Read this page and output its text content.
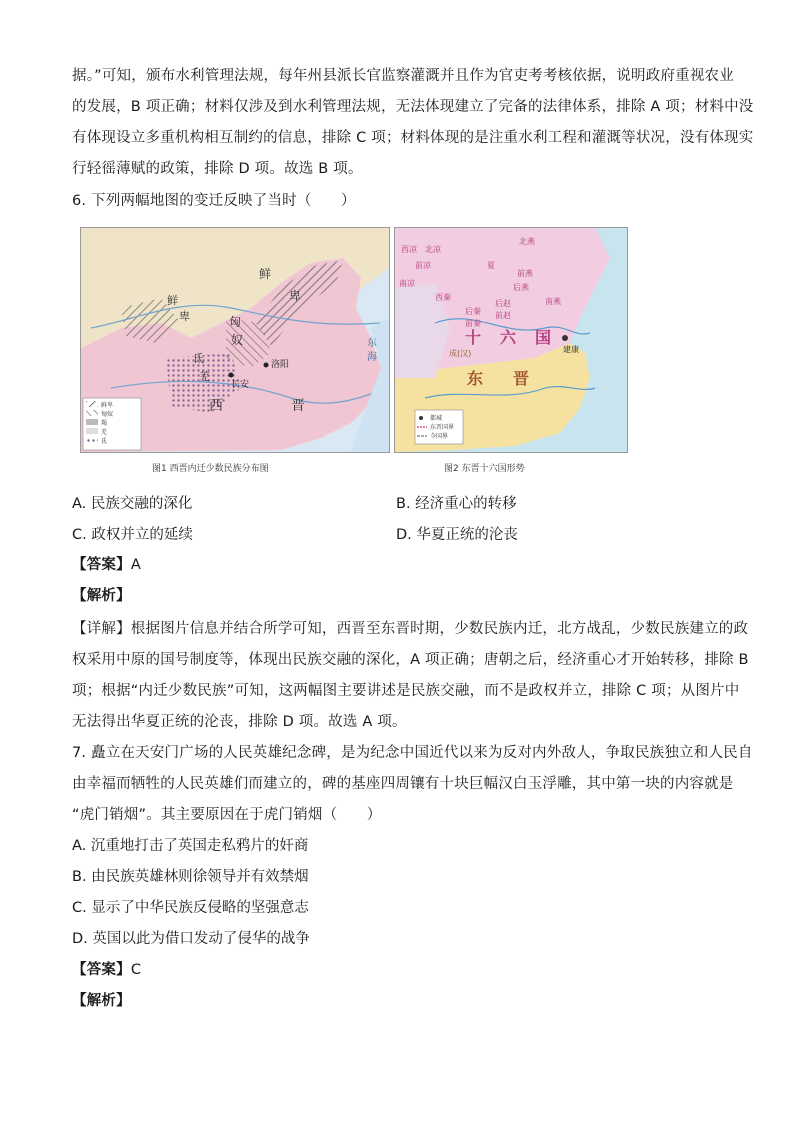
据。”可知，颁布水利管理法规，每年州县派长官监察灌溉并且作为官吏考考核依据，说明政府重视农业
的发展，B 项正确；材料仅涉及到水利管理法规，无法体现建立了完备的法律体系，排除 A 项；材料中没
有体现设立多重机构相互制约的信息，排除 C 项；材料体现的是注重水利工程和灌溉等状况，没有体现实
行轻徭薄赋的政策，排除 D 项。故选 B 项。
6. 下列两幅地图的变迁反映了当时（　　）
鲜
卑
鲜
卑	匈
奴
氐
羌
洛阳
长安
西	晋
东
海
鲜卑
匈奴
羯
羌
氐
图1 西晋内迁少数民族分布图
西凉 北凉
前凉
南凉
西秦
后秦
前秦
北燕
前燕
后燕
南燕
后赵
前赵
夏
成(汉)
十 六 国
东 晋
建康
都城
东晋国界
今国界
图2 东晋十六国形势
A. 民族交融的深化	B. 经济重心的转移
C. 政权并立的延续	D. 华夏正统的沦丧
【答案】A
【解析】
【详解】根据图片信息并结合所学可知，西晋至东晋时期，少数民族内迁，北方战乱，少数民族建立的政
权采用中原的国号制度等，体现出民族交融的深化，A 项正确；唐朝之后，经济重心才开始转移，排除 B
项；根据“内迁少数民族”可知，这两幅图主要讲述是民族交融，而不是政权并立，排除 C 项；从图片中
无法得出华夏正统的沦丧，排除 D 项。故选 A 项。
7. 矗立在天安门广场的人民英雄纪念碑，是为纪念中国近代以来为反对内外敌人，争取民族独立和人民自
由幸福而牺牲的人民英雄们而建立的，碑的基座四周镶有十块巨幅汉白玉浮雕，其中第一块的内容就是
“虎门销烟”。其主要原因在于虎门销烟（　　）
A. 沉重地打击了英国走私鸦片的奸商
B. 由民族英雄林则徐领导并有效禁烟
C. 显示了中华民族反侵略的坚强意志
D. 英国以此为借口发动了侵华的战争
【答案】C
【解析】
